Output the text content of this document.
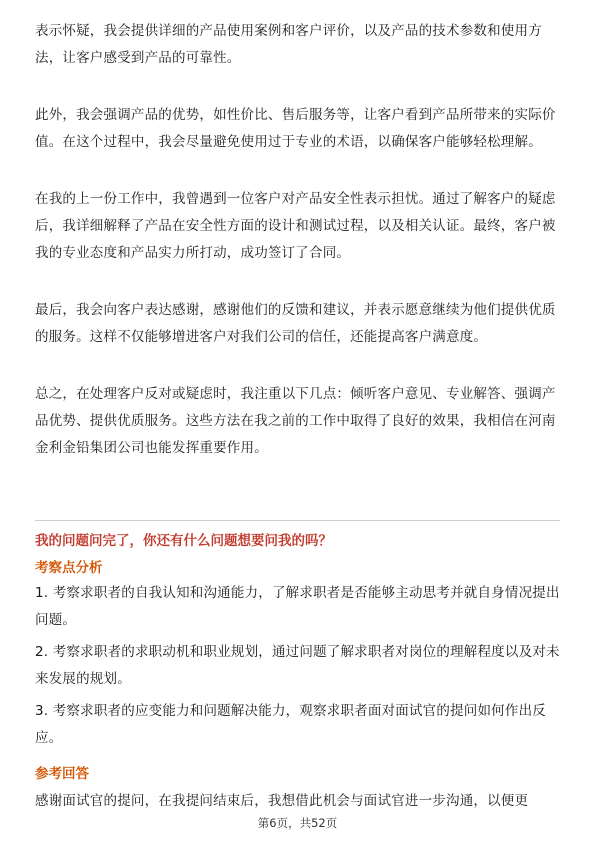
表示怀疑，我会提供详细的产品使用案例和客户评价，以及产品的技术参数和使用方法，让客户感受到产品的可靠性。

此外，我会强调产品的优势，如性价比、售后服务等，让客户看到产品所带来的实际价值。在这个过程中，我会尽量避免使用过于专业的术语，以确保客户能够轻松理解。

在我的上一份工作中，我曾遇到一位客户对产品安全性表示担忧。通过了解客户的疑虑后，我详细解释了产品在安全性方面的设计和测试过程，以及相关认证。最终，客户被我的专业态度和产品实力所打动，成功签订了合同。

最后，我会向客户表达感谢，感谢他们的反馈和建议，并表示愿意继续为他们提供优质的服务。这样不仅能够增进客户对我们公司的信任，还能提高客户满意度。

总之，在处理客户反对或疑虑时，我注重以下几点：倾听客户意见、专业解答、强调产品优势、提供优质服务。这些方法在我之前的工作中取得了良好的效果，我相信在河南金利金铅集团公司也能发挥重要作用。

我的问题问完了，你还有什么问题想要问我的吗？
考察点分析
1. 考察求职者的自我认知和沟通能力，了解求职者是否能够主动思考并就自身情况提出问题。
2. 考察求职者的求职动机和职业规划，通过问题了解求职者对岗位的理解程度以及对未来发展的规划。
3. 考察求职者的应变能力和问题解决能力，观察求职者面对面试官的提问如何作出反应。
参考回答
感谢面试官的提问，在我提问结束后，我想借此机会与面试官进一步沟通，以便更
第6页，共52页
